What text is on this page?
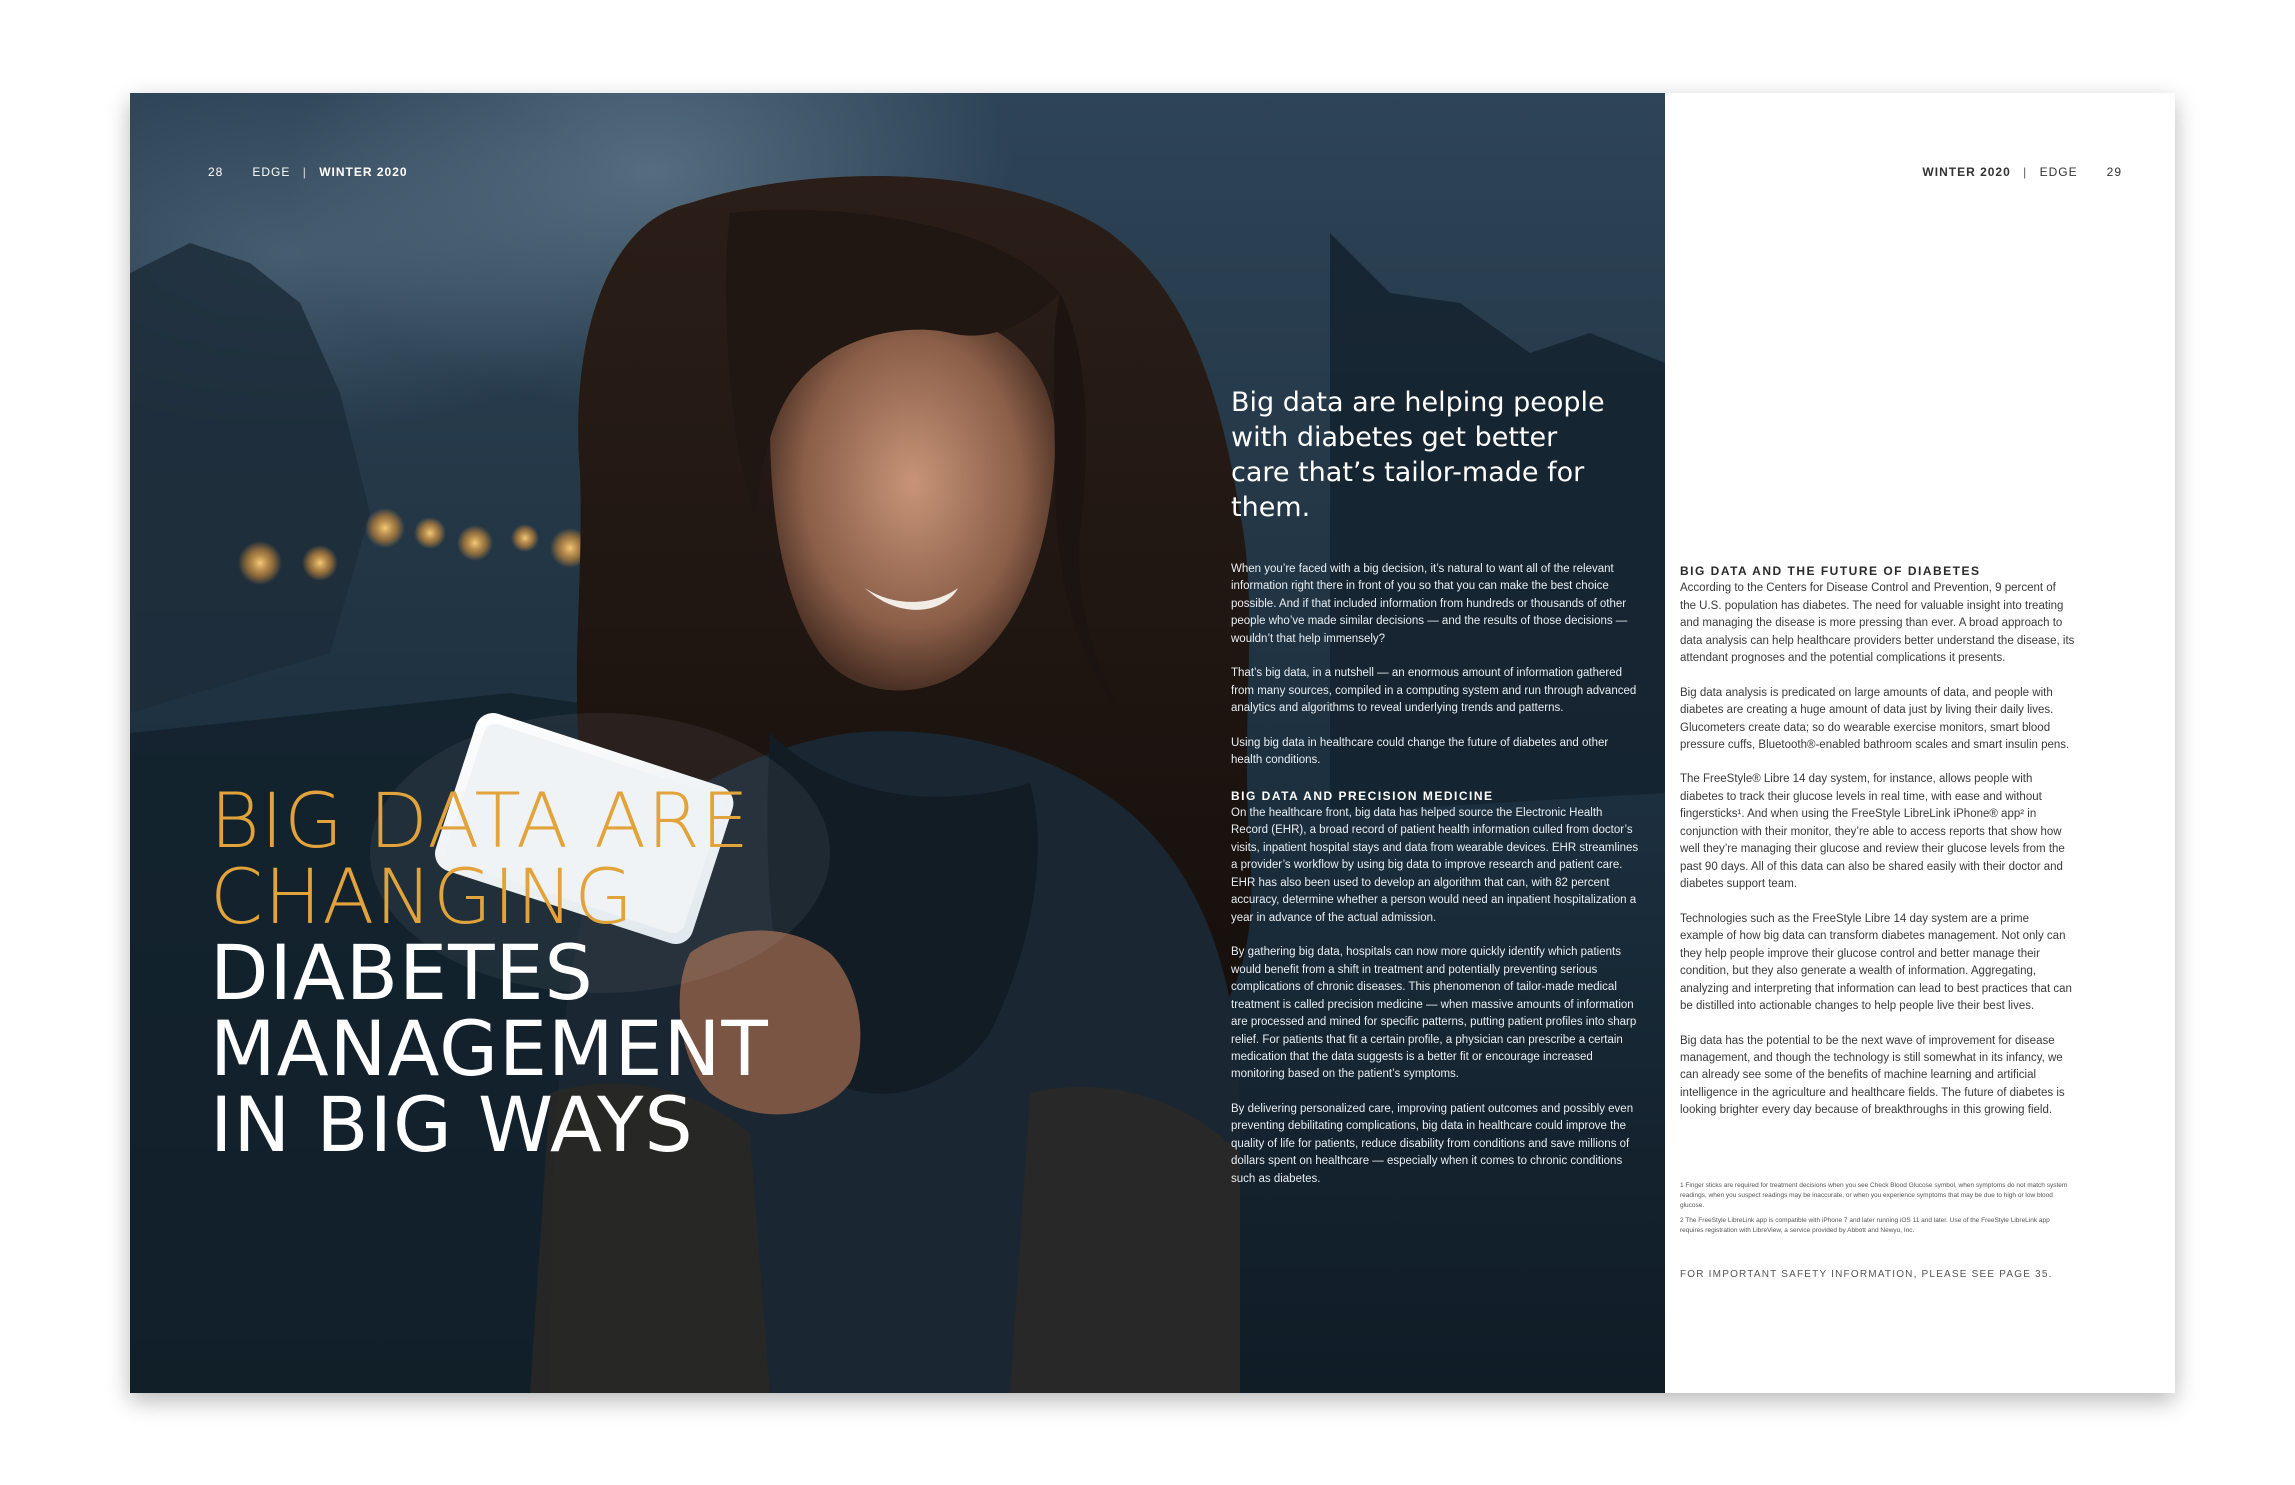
28 EDGE | WINTER 2020
BIG DATA ARE
CHANGING
DIABETES
MANAGEMENT
IN BIG WAYS
Big data are helping people with diabetes get better care that’s tailor-made for them.

When you’re faced with a big decision, it’s natural to want all of the relevant information right there in front of you so that you can make the best choice possible. And if that included information from hundreds or thousands of other people who’ve made similar decisions — and the results of those decisions — wouldn’t that help immensely?

That’s big data, in a nutshell — an enormous amount of information gathered from many sources, compiled in a computing system and run through advanced analytics and algorithms to reveal underlying trends and patterns.

Using big data in healthcare could change the future of diabetes and other health conditions.

BIG DATA AND PRECISION MEDICINE

On the healthcare front, big data has helped source the Electronic Health Record (EHR), a broad record of patient health information culled from doctor’s visits, inpatient hospital stays and data from wearable devices. EHR streamlines a provider’s workflow by using big data to improve research and patient care. EHR has also been used to develop an algorithm that can, with 82 percent accuracy, determine whether a person would need an inpatient hospitalization a year in advance of the actual admission.

By gathering big data, hospitals can now more quickly identify which patients would benefit from a shift in treatment and potentially preventing serious complications of chronic diseases. This phenomenon of tailor-made medical treatment is called precision medicine — when massive amounts of information are processed and mined for specific patterns, putting patient profiles into sharp relief. For patients that fit a certain profile, a physician can prescribe a certain medication that the data suggests is a better fit or encourage increased monitoring based on the patient’s symptoms.

By delivering personalized care, improving patient outcomes and possibly even preventing debilitating complications, big data in healthcare could improve the quality of life for patients, reduce disability from conditions and save millions of dollars spent on healthcare — especially when it comes to chronic conditions such as diabetes.

WINTER 2020 | EDGE 29
BIG DATA AND THE FUTURE OF DIABETES

According to the Centers for Disease Control and Prevention, 9 percent of the U.S. population has diabetes. The need for valuable insight into treating and managing the disease is more pressing than ever. A broad approach to data analysis can help healthcare providers better understand the disease, its attendant prognoses and the potential complications it presents.

Big data analysis is predicated on large amounts of data, and people with diabetes are creating a huge amount of data just by living their daily lives. Glucometers create data; so do wearable exercise monitors, smart blood pressure cuffs, Bluetooth®-enabled bathroom scales and smart insulin pens.

The FreeStyle® Libre 14 day system, for instance, allows people with diabetes to track their glucose levels in real time, with ease and without fingersticks¹. And when using the FreeStyle LibreLink iPhone® app² in conjunction with their monitor, they’re able to access reports that show how well they’re managing their glucose and review their glucose levels from the past 90 days. All of this data can also be shared easily with their doctor and diabetes support team.

Technologies such as the FreeStyle Libre 14 day system are a prime example of how big data can transform diabetes management. Not only can they help people improve their glucose control and better manage their condition, but they also generate a wealth of information. Aggregating, analyzing and interpreting that information can lead to best practices that can be distilled into actionable changes to help people live their best lives.

Big data has the potential to be the next wave of improvement for disease management, and though the technology is still somewhat in its infancy, we can already see some of the benefits of machine learning and artificial intelligence in the agriculture and healthcare fields. The future of diabetes is looking brighter every day because of breakthroughs in this growing field.

1 Finger sticks are required for treatment decisions when you see Check Blood Glucose symbol, when symptoms do not match system readings, when you suspect readings may be inaccurate, or when you experience symptoms that may be due to high or low blood glucose.

2 The FreeStyle LibreLink app is compatible with iPhone 7 and later running iOS 11 and later. Use of the FreeStyle LibreLink app requires registration with LibreView, a service provided by Abbott and Newyu, Inc.

FOR IMPORTANT SAFETY INFORMATION, PLEASE SEE PAGE 35.
